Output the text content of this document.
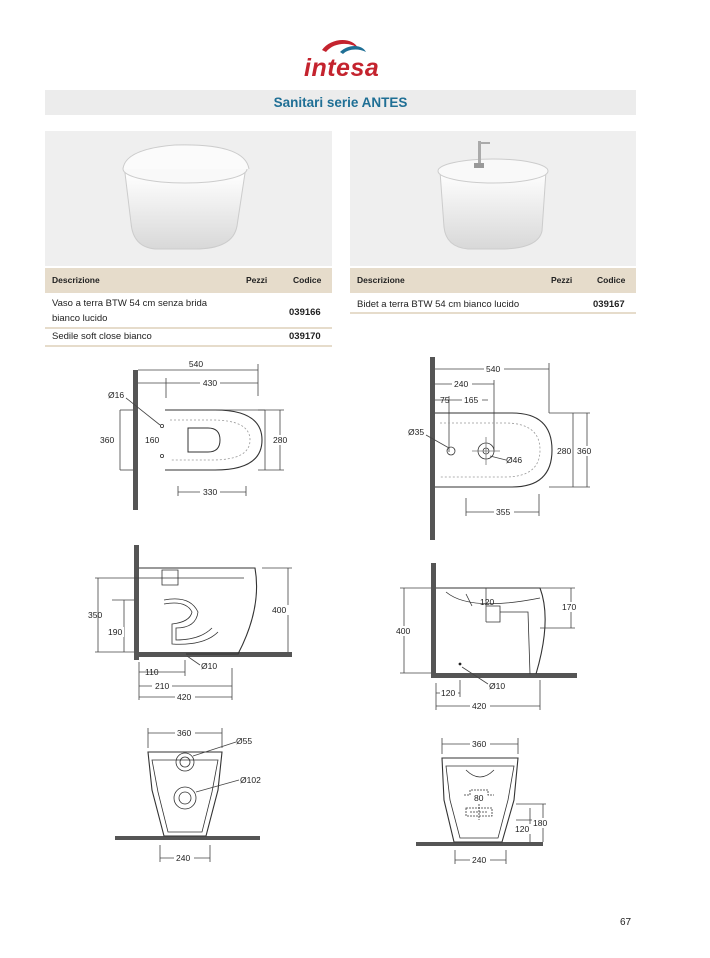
intesa
Sanitari serie ANTES
Descrizione	Pezzi	Codice
Vaso a terra BTW 54 cm senza brida
bianco lucido
039166
Sedile soft close bianco	039170
Descrizione	Pezzi	Codice
Bidet a terra BTW 54 cm bianco lucido	039167
540
430
Ø16
360	160	280
330
540
240
75 165
Ø35
Ø46
280 360
355
350
190
400
Ø10
110
210
420
400
120	170
Ø10
120
420
360
Ø55
Ø102
240
360
80
120
180
240
67
